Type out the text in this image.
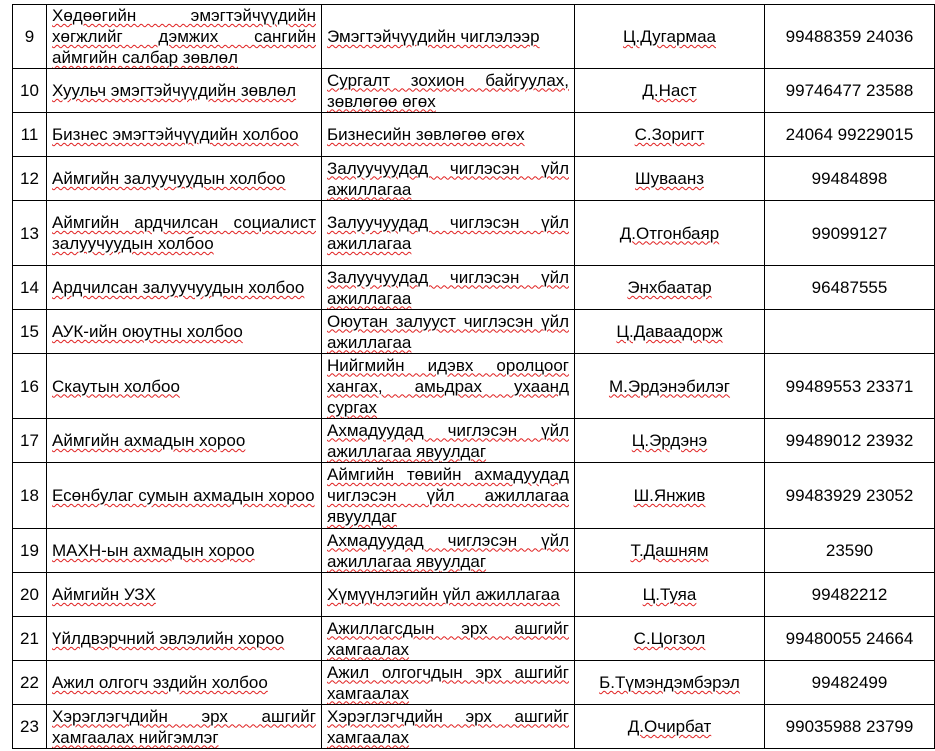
9	Хөдөөгийн эмэгтэйчүүдийн хөгжлийг дэмжих сангийн аймгийн салбар зөвлөл	Эмэгтэйчүүдийн чиглэлээр	Ц.Дугармаа	99488359 24036
10	Хуульч эмэгтэйчүүдийн зөвлөл	Сургалт зохион байгуулах, зөвлөгөө өгөх	Д.Наст	99746477 23588
11	Бизнес эмэгтэйчүүдийн холбоо	Бизнесийн зөвлөгөө өгөх	С.Зоригт	24064 99229015
12	Аймгийн залуучуудын холбоо	Залуучуудад чиглэсэн үйл ажиллагаа	Шуваанз	99484898
13	Аймгийн ардчилсан социалист залуучуудын холбоо	Залуучуудад чиглэсэн үйл ажиллагаа	Д.Отгонбаяр	99099127
14	Ардчилсан залуучуудын холбоо	Залуучуудад чиглэсэн үйл ажиллагаа	Энхбаатар	96487555
15	АУК-ийн оюутны холбоо	Оюутан залууст чиглэсэн үйл ажиллагаа	Ц.Даваадорж	
16	Скаутын холбоо	Нийгмийн идэвх оролцоог хангах, амьдрах ухаанд сургах	М.Эрдэнэбилэг	99489553 23371
17	Аймгийн ахмадын хороо	Ахмадуудад чиглэсэн үйл ажиллагаа явуулдаг	Ц.Эрдэнэ	99489012 23932
18	Есөнбулаг сумын ахмадын хороо	Аймгийн төвийн ахмадуудад чиглэсэн үйл ажиллагаа явуулдаг	Ш.Янжив	99483929 23052
19	МАХН-ын ахмадын хороо	Ахмадуудад чиглэсэн үйл ажиллагаа явуулдаг	Т.Дашням	23590
20	Аймгийн УЗХ	Хүмүүнлэгийн үйл ажиллагаа	Ц.Туяа	99482212
21	Үйлдвэрчний эвлэлийн хороо	Ажиллагсдын эрх ашгийг хамгаалах	С.Цогзол	99480055 24664
22	Ажил олгогч эздийн холбоо	Ажил олгогчдын эрх ашгийг хамгаалах	Б.Түмэндэмбэрэл	99482499
23	Хэрэглэгчдийн эрх ашгийг хамгаалах нийгэмлэг	Хэрэглэгчдийн эрх ашгийг хамгаалах	Д.Очирбат	99035988 23799
